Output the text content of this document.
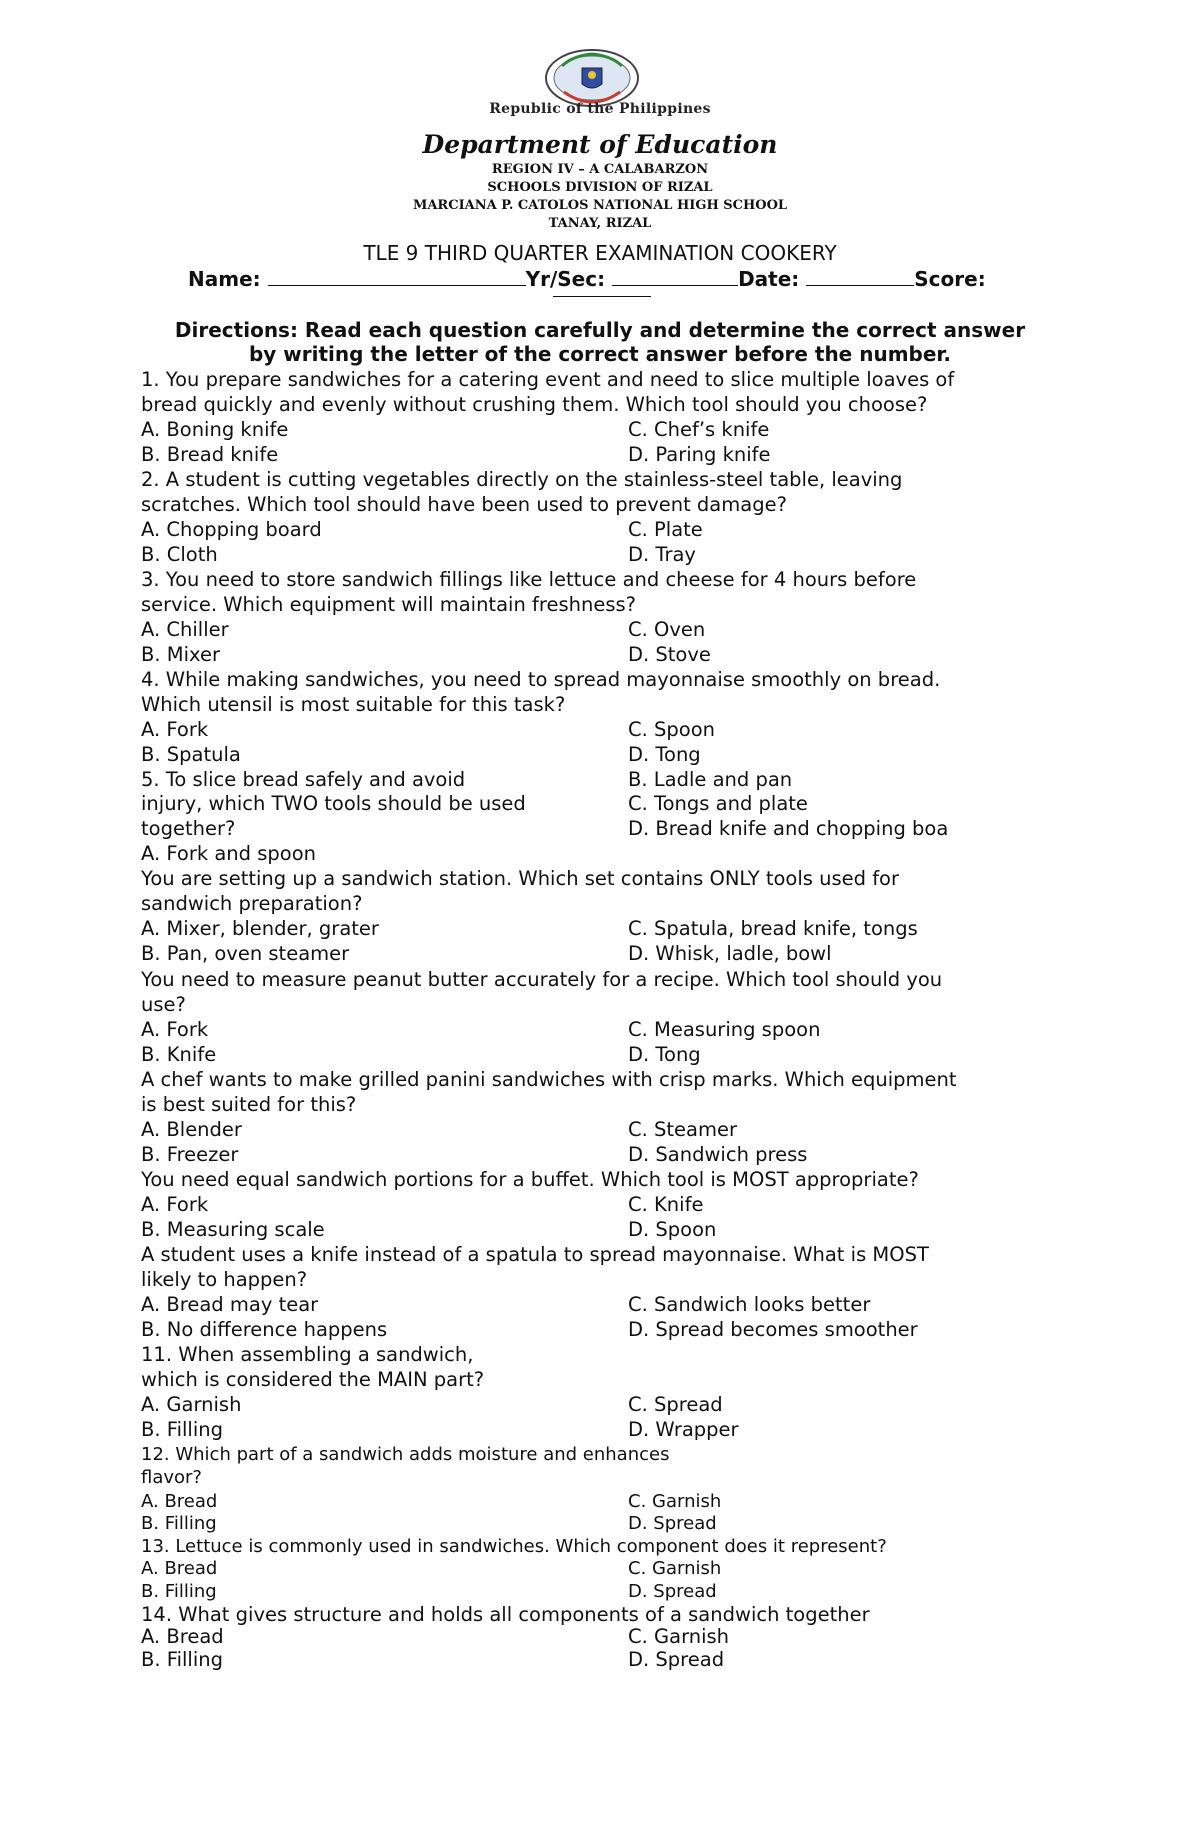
Republic of the Philippines
Department of Education
REGION IV – A CALABARZON
SCHOOLS DIVISION OF RIZAL
MARCIANA P. CATOLOS NATIONAL HIGH SCHOOL
TANAY, RIZAL
TLE 9 THIRD QUARTER EXAMINATION COOKERY
Name:	Yr/Sec:	Date:	Score:
Directions: Read each question carefully and determine the correct answer
by writing the letter of the correct answer before the number.
1. You prepare sandwiches for a catering event and need to slice multiple loaves of
bread quickly and evenly without crushing them. Which tool should you choose?
A. Boning knife	C. Chef’s knife
B. Bread knife	D. Paring knife
2. A student is cutting vegetables directly on the stainless-steel table, leaving
scratches. Which tool should have been used to prevent damage?
A. Chopping board	C. Plate
B. Cloth	D. Tray
3. You need to store sandwich fillings like lettuce and cheese for 4 hours before
service. Which equipment will maintain freshness?
A. Chiller	C. Oven
B. Mixer	D. Stove
4. While making sandwiches, you need to spread mayonnaise smoothly on bread.
Which utensil is most suitable for this task?
A. Fork	C. Spoon
B. Spatula	D. Tong
5. To slice bread safely and avoid	B. Ladle and pan
injury, which TWO tools should be used	C. Tongs and plate
together?	D. Bread knife and chopping boa
A. Fork and spoon
You are setting up a sandwich station. Which set contains ONLY tools used for
sandwich preparation?
A. Mixer, blender, grater	C. Spatula, bread knife, tongs
B. Pan, oven steamer	D. Whisk, ladle, bowl
You need to measure peanut butter accurately for a recipe. Which tool should you
use?
A. Fork	C. Measuring spoon
B. Knife	D. Tong
A chef wants to make grilled panini sandwiches with crisp marks. Which equipment
is best suited for this?
A. Blender	C. Steamer
B. Freezer	D. Sandwich press
You need equal sandwich portions for a buffet. Which tool is MOST appropriate?
A. Fork	C. Knife
B. Measuring scale	D. Spoon
A student uses a knife instead of a spatula to spread mayonnaise. What is MOST
likely to happen?
A. Bread may tear	C. Sandwich looks better
B. No difference happens	D. Spread becomes smoother
11. When assembling a sandwich,
which is considered the MAIN part?
A. Garnish	C. Spread
B. Filling	D. Wrapper
12. Which part of a sandwich adds moisture and enhances
flavor?
A. Bread	C. Garnish
B. Filling	D. Spread
13. Lettuce is commonly used in sandwiches. Which component does it represent?
A. Bread	C. Garnish
B. Filling	D. Spread
14. What gives structure and holds all components of a sandwich together
A. Bread	C. Garnish
B. Filling	D. Spread
